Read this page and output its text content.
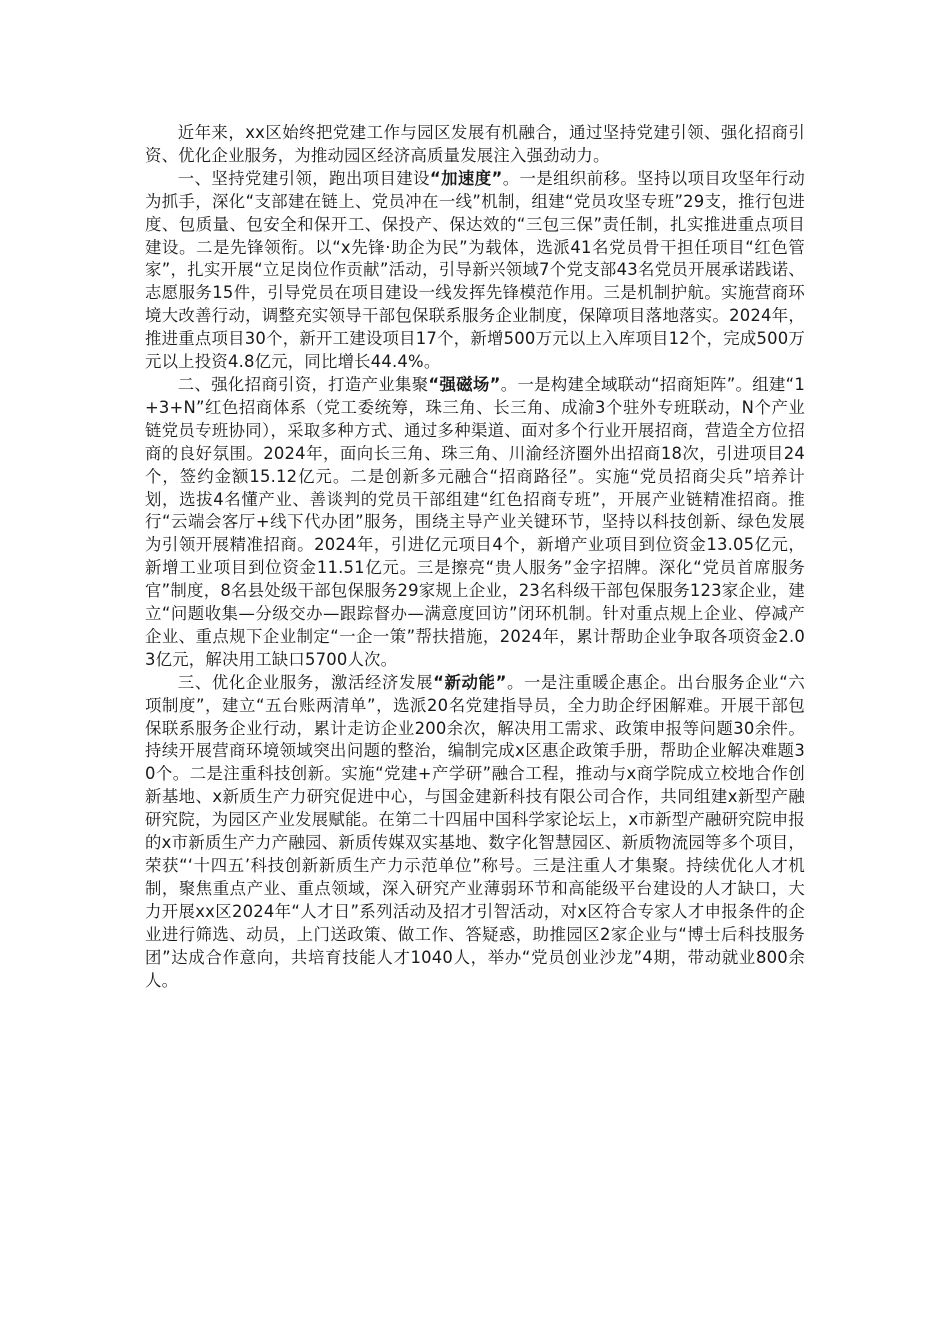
近年来，xx区始终把党建工作与园区发展有机融合，通过坚持党建引领、强化招商引资、优化企业服务，为推动园区经济高质量发展注入强劲动力。

一、坚持党建引领，跑出项目建设“加速度”。一是组织前移。坚持以项目攻坚年行动为抓手，深化“支部建在链上、党员冲在一线”机制，组建“党员攻坚专班”29支，推行包进度、包质量、包安全和保开工、保投产、保达效的“三包三保”责任制，扎实推进重点项目建设。二是先锋领衔。以“x先锋·助企为民”为载体，选派41名党员骨干担任项目“红色管家”，扎实开展“立足岗位作贡献”活动，引导新兴领域7个党支部43名党员开展承诺践诺、志愿服务15件，引导党员在项目建设一线发挥先锋模范作用。三是机制护航。实施营商环境大改善行动，调整充实领导干部包保联系服务企业制度，保障项目落地落实。2024年，推进重点项目30个，新开工建设项目17个，新增500万元以上入库项目12个，完成500万元以上投资4.8亿元，同比增长44.4%。

二、强化招商引资，打造产业集聚“强磁场”。一是构建全域联动“招商矩阵”。组建“1+3+N”红色招商体系（党工委统筹，珠三角、长三角、成渝3个驻外专班联动，N个产业链党员专班协同），采取多种方式、通过多种渠道、面对多个行业开展招商，营造全方位招商的良好氛围。2024年，面向长三角、珠三角、川渝经济圈外出招商18次，引进项目24个，签约金额15.12亿元。二是创新多元融合“招商路径”。实施“党员招商尖兵”培养计划，选拔4名懂产业、善谈判的党员干部组建“红色招商专班”，开展产业链精准招商。推行“云端会客厅+线下代办团”服务，围绕主导产业关键环节，坚持以科技创新、绿色发展为引领开展精准招商。2024年，引进亿元项目4个，新增产业项目到位资金13.05亿元，新增工业项目到位资金11.51亿元。三是擦亮“贵人服务”金字招牌。深化“党员首席服务官”制度，8名县处级干部包保服务29家规上企业，23名科级干部包保服务123家企业，建立“问题收集—分级交办—跟踪督办—满意度回访”闭环机制。针对重点规上企业、停减产企业、重点规下企业制定“一企一策”帮扶措施，2024年，累计帮助企业争取各项资金2.03亿元，解决用工缺口5700人次。

三、优化企业服务，激活经济发展“新动能”。一是注重暖企惠企。出台服务企业“六项制度”，建立“五台账两清单”，选派20名党建指导员，全力助企纾困解难。开展干部包保联系服务企业行动，累计走访企业200余次，解决用工需求、政策申报等问题30余件。持续开展营商环境领域突出问题的整治，编制完成x区惠企政策手册，帮助企业解决难题30个。二是注重科技创新。实施“党建+产学研”融合工程，推动与x商学院成立校地合作创新基地、x新质生产力研究促进中心，与国金建新科技有限公司合作，共同组建x新型产融研究院，为园区产业发展赋能。在第二十四届中国科学家论坛上，x市新型产融研究院申报的x市新质生产力产融园、新质传媒双实基地、数字化智慧园区、新质物流园等多个项目，荣获“‘十四五’科技创新新质生产力示范单位”称号。三是注重人才集聚。持续优化人才机制，聚焦重点产业、重点领域，深入研究产业薄弱环节和高能级平台建设的人才缺口，大力开展xx区2024年“人才日”系列活动及招才引智活动，对x区符合专家人才申报条件的企业进行筛选、动员，上门送政策、做工作、答疑惑，助推园区2家企业与“博士后科技服务团”达成合作意向，共培育技能人才1040人，举办“党员创业沙龙”4期，带动就业800余人。
